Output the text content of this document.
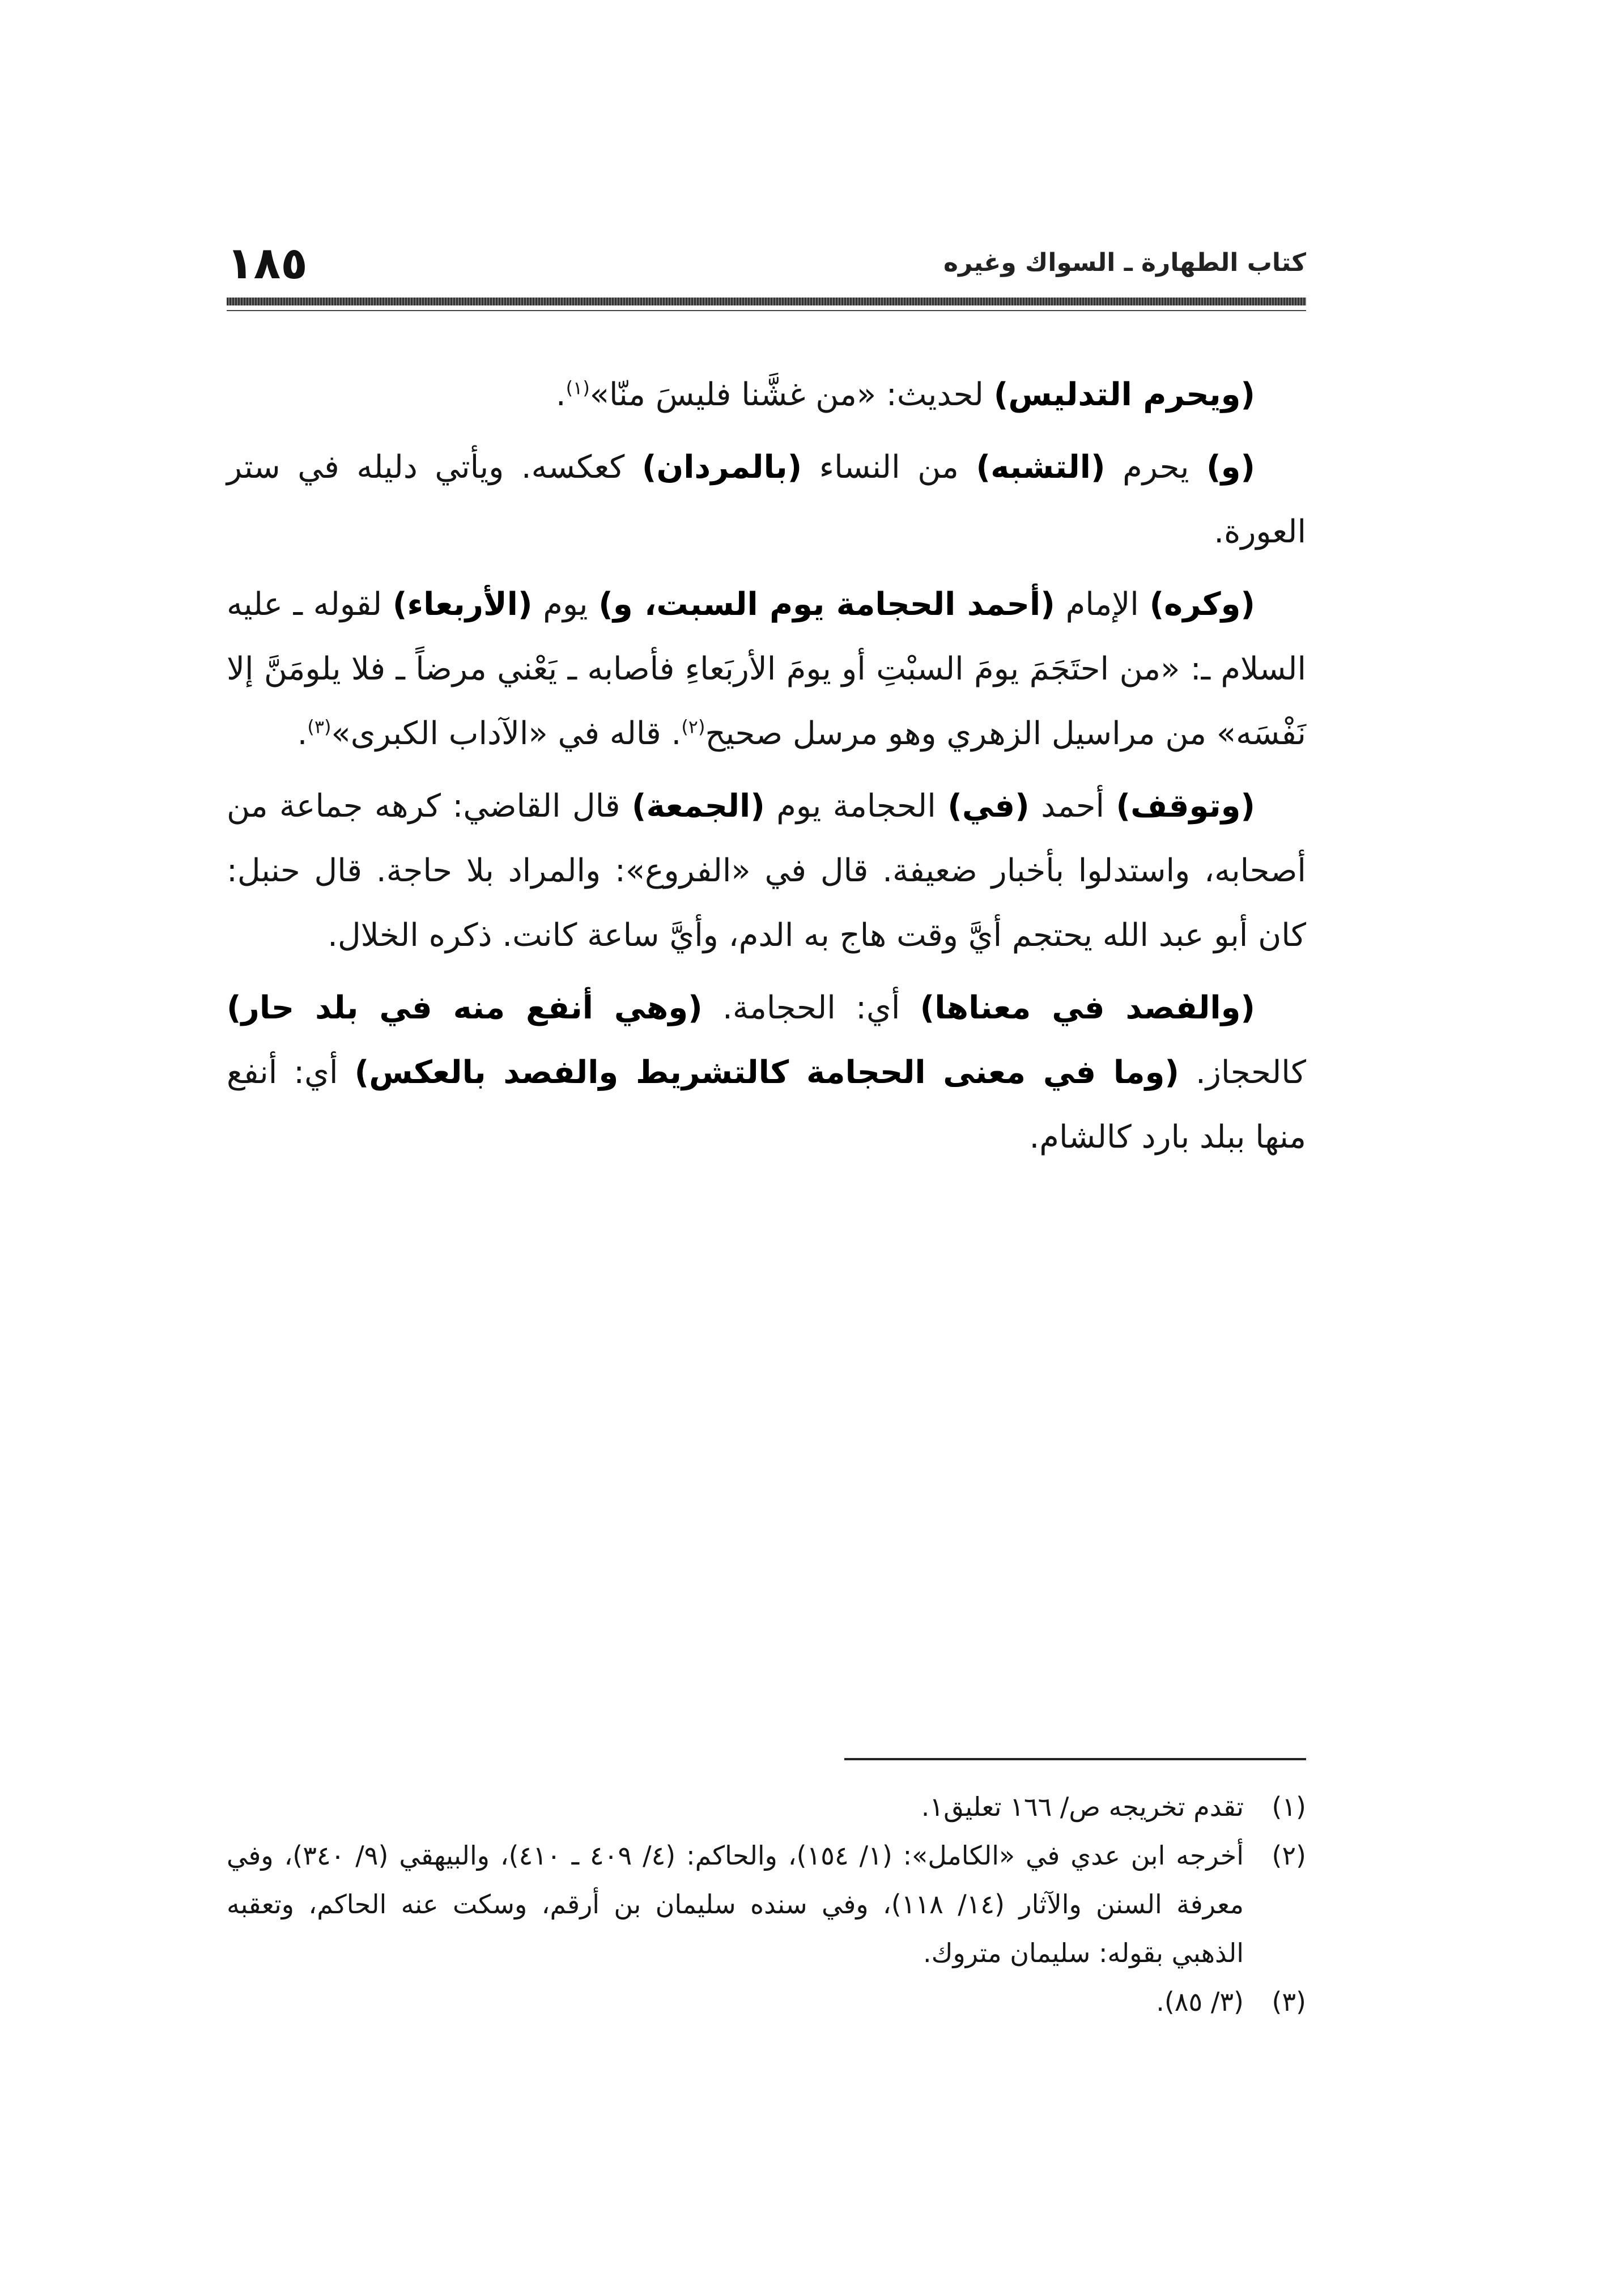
كتاب الطهارة ـ السواك وغيره
١٨٥

(ويحرم التدليس) لحديث: «من غشَّنا فليسَ منّا»$^{(١)}$.

(و) يحرم (التشبه) من النساء (بالمردان) كعكسه. ويأتي دليله في ستر العورة.

(وكره) الإمام (أحمد الحجامة يوم السبت، و) يوم (الأربعاء) لقوله ـ عليه السلام ـ: «من احتَجَمَ يومَ السبْتِ أو يومَ الأربَعاءِ فأصابه ـ يَعْني مرضاً ـ فلا يلومَنَّ إلا نَفْسَه» من مراسيل الزهري وهو مرسل صحيح$^{(٢)}$. قاله في «الآداب الكبرى»$^{(٣)}$.

(وتوقف) أحمد (في) الحجامة يوم (الجمعة) قال القاضي: كرهه جماعة من أصحابه، واستدلوا بأخبار ضعيفة. قال في «الفروع»: والمراد بلا حاجة. قال حنبل: كان أبو عبد الله يحتجم أيَّ وقت هاج به الدم، وأيَّ ساعة كانت. ذكره الخلال.

(والفصد في معناها) أي: الحجامة. (وهي أنفع منه في بلد حار) كالحجاز. (وما في معنى الحجامة كالتشريط والفصد بالعكس) أي: أنفع منها ببلد بارد كالشام.

(١)
تقدم تخريجه ص/ ١٦٦ تعليق١.
(٢)
أخرجه ابن عدي في «الكامل»: (١/ ١٥٤)، والحاكم: (٤/ ٤٠٩ ـ ٤١٠)، والبيهقي (٩/ ٣٤٠)، وفي معرفة السنن والآثار (١٤/ ١١٨)، وفي سنده سليمان بن أرقم، وسكت عنه الحاكم، وتعقبه الذهبي بقوله: سليمان متروك.
(٣)
(٣/ ٨٥).
